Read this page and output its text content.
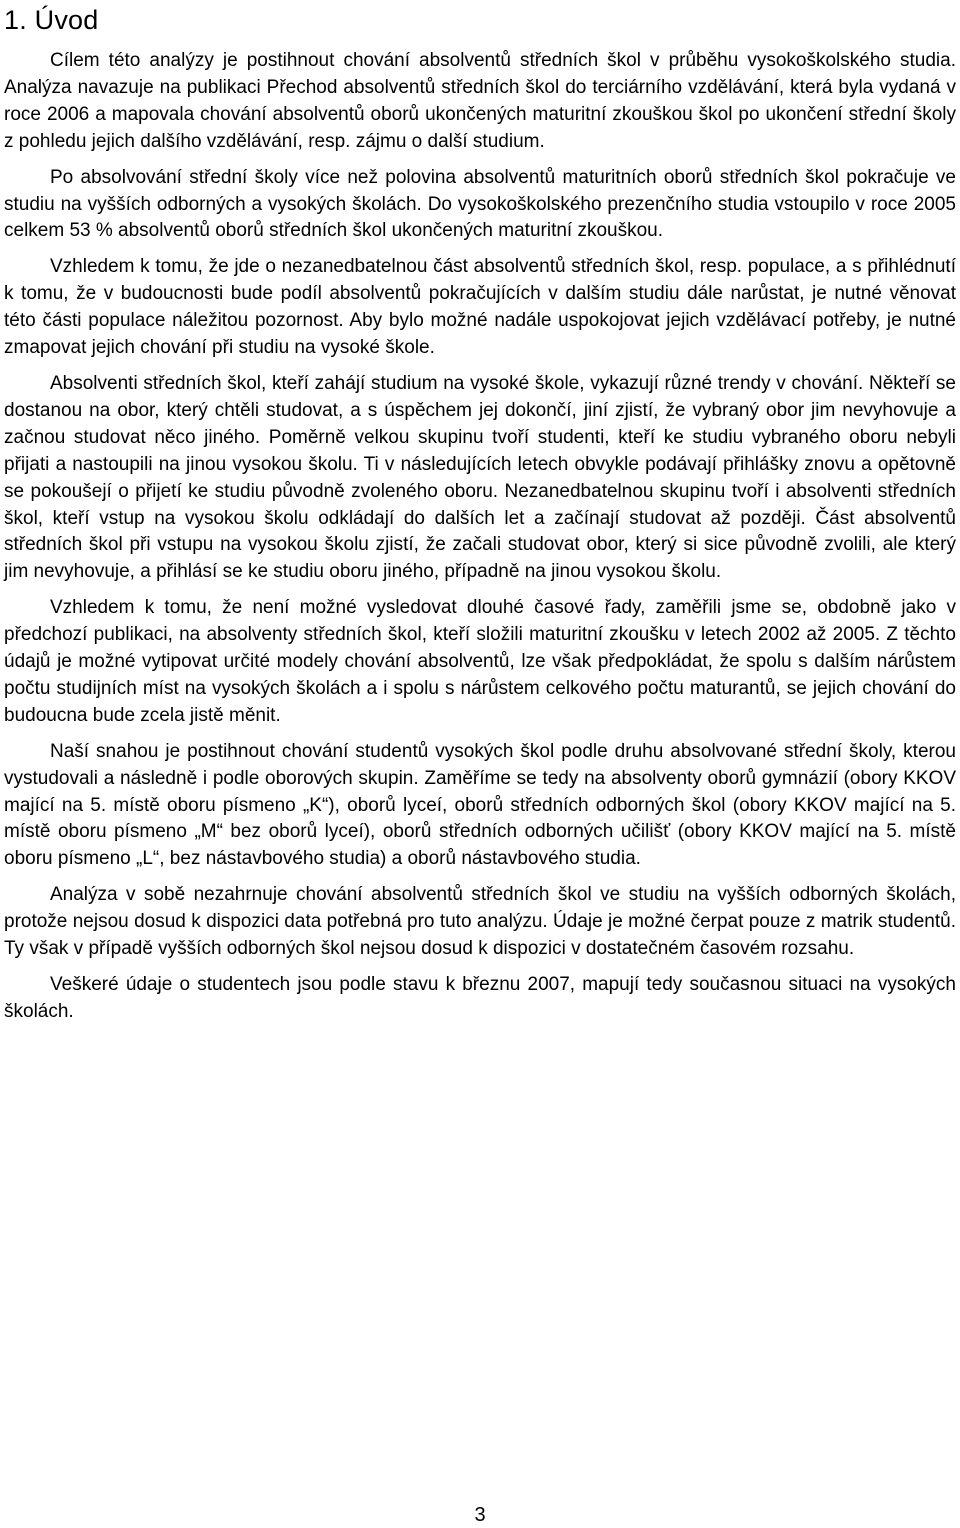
1. Úvod

Cílem této analýzy je postihnout chování absolventů středních škol v průběhu vysokoškolského studia. Analýza navazuje na publikaci Přechod absolventů středních škol do terciárního vzdělávání, která byla vydaná v roce 2006 a mapovala chování absolventů oborů ukončených maturitní zkouškou škol po ukončení střední školy z pohledu jejich dalšího vzdělávání, resp. zájmu o další studium.

Po absolvování střední školy více než polovina absolventů maturitních oborů středních škol pokračuje ve studiu na vyšších odborných a vysokých školách. Do vysokoškolského prezenčního studia vstoupilo v roce 2005 celkem 53 % absolventů oborů středních škol ukončených maturitní zkouškou.

Vzhledem k tomu, že jde o nezanedbatelnou část absolventů středních škol, resp. populace, a s přihlédnutí k tomu, že v budoucnosti bude podíl absolventů pokračujících v dalším studiu dále narůstat, je nutné věnovat této části populace náležitou pozornost. Aby bylo možné nadále uspokojovat jejich vzdělávací potřeby, je nutné zmapovat jejich chování při studiu na vysoké škole.

Absolventi středních škol, kteří zahájí studium na vysoké škole, vykazují různé trendy v chování. Někteří se dostanou na obor, který chtěli studovat, a s úspěchem jej dokončí, jiní zjistí, že vybraný obor jim nevyhovuje a začnou studovat něco jiného. Poměrně velkou skupinu tvoří studenti, kteří ke studiu vybraného oboru nebyli přijati a nastoupili na jinou vysokou školu. Ti v následujících letech obvykle podávají přihlášky znovu a opětovně se pokoušejí o přijetí ke studiu původně zvoleného oboru. Nezanedbatelnou skupinu tvoří i absolventi středních škol, kteří vstup na vysokou školu odkládají do dalších let a začínají studovat až později. Část absolventů středních škol při vstupu na vysokou školu zjistí, že začali studovat obor, který si sice původně zvolili, ale který jim nevyhovuje, a přihlásí se ke studiu oboru jiného, případně na jinou vysokou školu.

Vzhledem k tomu, že není možné vysledovat dlouhé časové řady, zaměřili jsme se, obdobně jako v předchozí publikaci, na absolventy středních škol, kteří složili maturitní zkoušku v letech 2002 až 2005. Z těchto údajů je možné vytipovat určité modely chování absolventů, lze však předpokládat, že spolu s dalším nárůstem počtu studijních míst na vysokých školách a i spolu s nárůstem celkového počtu maturantů, se jejich chování do budoucna bude zcela jistě měnit.

Naší snahou je postihnout chování studentů vysokých škol podle druhu absolvované střední školy, kterou vystudovali a následně i podle oborových skupin. Zaměříme se tedy na absolventy oborů gymnázií (obory KKOV mající na 5. místě oboru písmeno „K“), oborů lyceí, oborů středních odborných škol (obory KKOV mající na 5. místě oboru písmeno „M“ bez oborů lyceí), oborů středních odborných učilišť (obory KKOV mající na 5. místě oboru písmeno „L“, bez nástavbového studia) a oborů nástavbového studia.

Analýza v sobě nezahrnuje chování absolventů středních škol ve studiu na vyšších odborných školách, protože nejsou dosud k dispozici data potřebná pro tuto analýzu. Údaje je možné čerpat pouze z matrik studentů. Ty však v případě vyšších odborných škol nejsou dosud k dispozici v dostatečném časovém rozsahu.

Veškeré údaje o studentech jsou podle stavu k březnu 2007, mapují tedy současnou situaci na vysokých školách.

3
